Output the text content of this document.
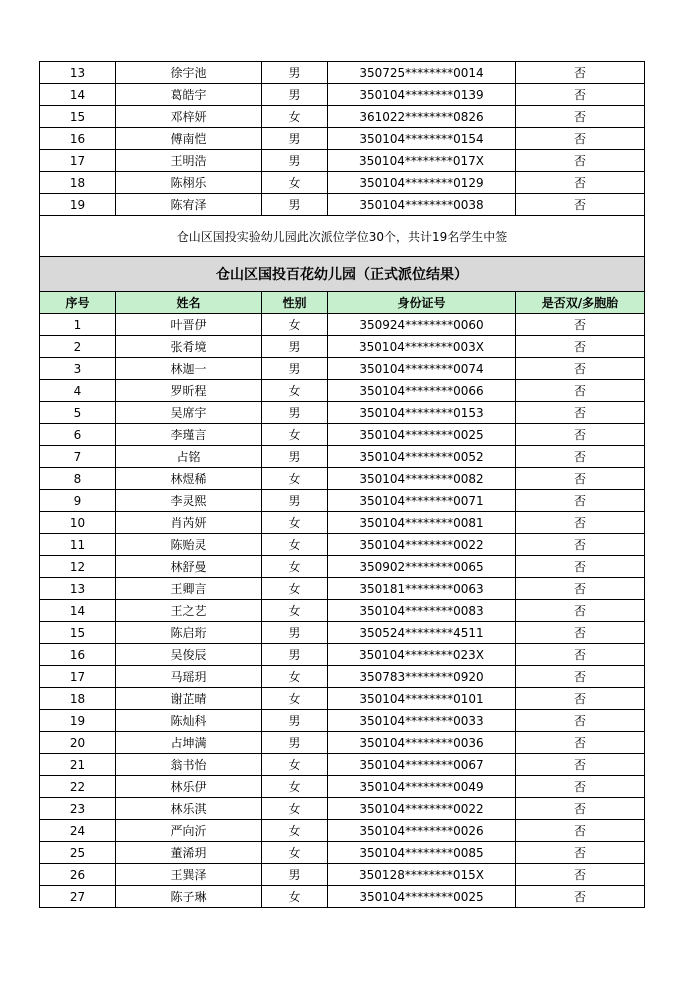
13	徐宇池	男	350725********0014	否
14	葛皓宇	男	350104********0139	否
15	邓梓妍	女	361022********0826	否
16	傅南恺	男	350104********0154	否
17	王明浩	男	350104********017X	否
18	陈栩乐	女	350104********0129	否
19	陈宥泽	男	350104********0038	否
仓山区国投实验幼儿园此次派位学位30个，共计19名学生中签				
仓山区国投百花幼儿园（正式派位结果）				
序号	姓名	性别	身份证号	是否双/多胞胎
1	叶晋伊	女	350924********0060	否
2	张肴境	男	350104********003X	否
3	林迦一	男	350104********0074	否
4	罗昕程	女	350104********0066	否
5	吴席宇	男	350104********0153	否
6	李瑾言	女	350104********0025	否
7	占铭	男	350104********0052	否
8	林煜稀	女	350104********0082	否
9	李灵熙	男	350104********0071	否
10	肖芮妍	女	350104********0081	否
11	陈贻灵	女	350104********0022	否
12	林舒曼	女	350902********0065	否
13	王卿言	女	350181********0063	否
14	王之艺	女	350104********0083	否
15	陈启珩	男	350524********4511	否
16	吴俊辰	男	350104********023X	否
17	马瑶玥	女	350783********0920	否
18	谢芷晴	女	350104********0101	否
19	陈灿科	男	350104********0033	否
20	占坤满	男	350104********0036	否
21	翁书怡	女	350104********0067	否
22	林乐伊	女	350104********0049	否
23	林乐淇	女	350104********0022	否
24	严向沂	女	350104********0026	否
25	董浠玥	女	350104********0085	否
26	王巽泽	男	350128********015X	否
27	陈子琳	女	350104********0025	否
